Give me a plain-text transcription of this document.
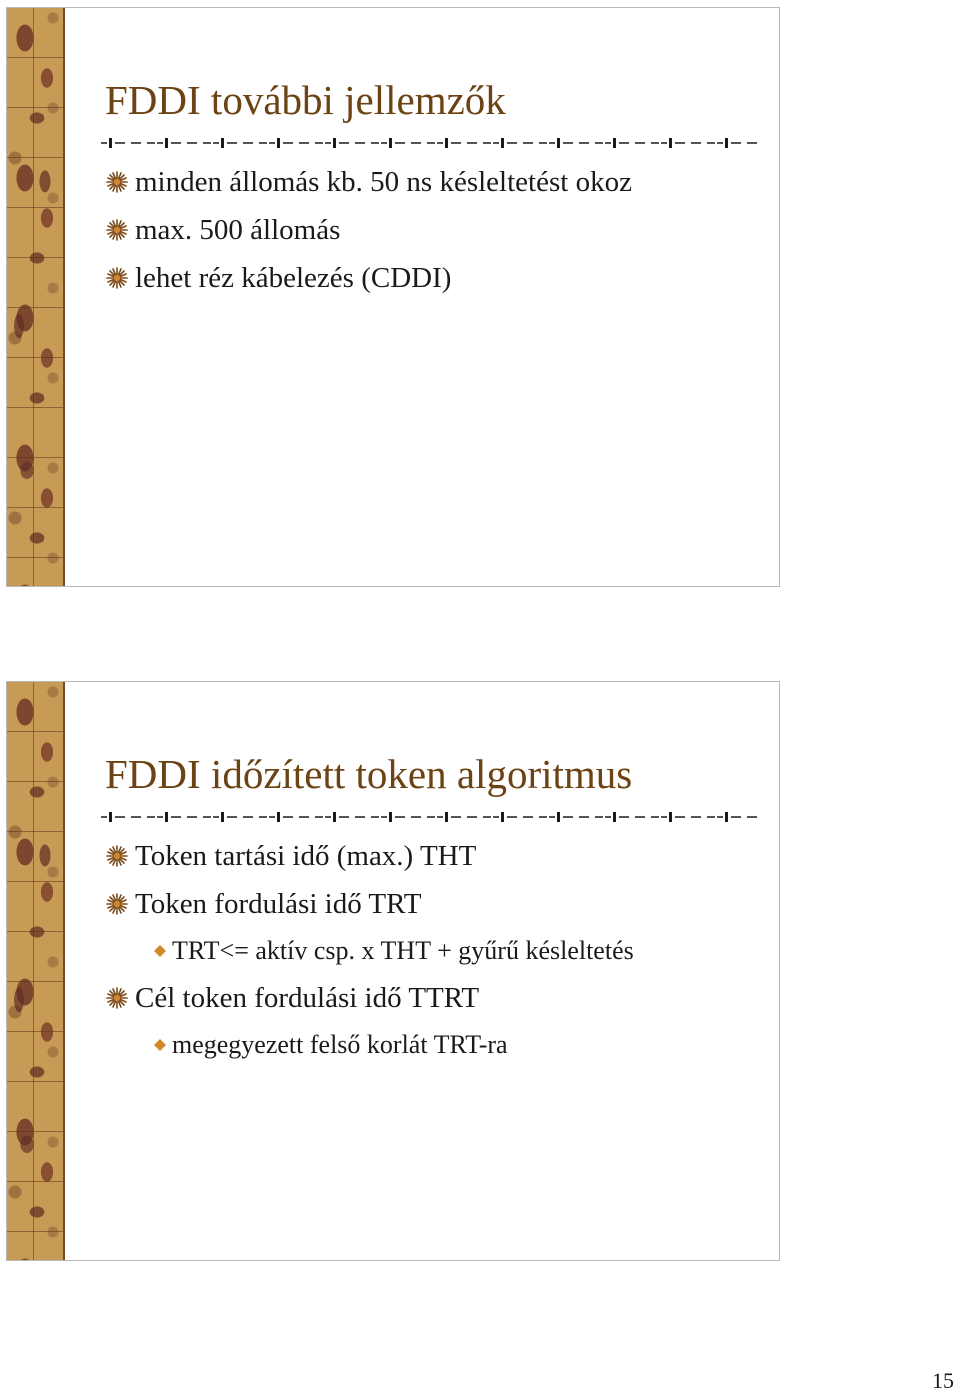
FDDI további jellemzők
minden állomás kb. 50 ns késleltetést okoz
max. 500 állomás
lehet réz kábelezés (CDDI)
FDDI időzített token algoritmus
Token tartási idő (max.) THT
Token fordulási idő TRT
TRT<= aktív csp. x THT + gyűrű késleltetés
Cél token fordulási idő TTRT
megegyezett felső korlát TRT-ra
15
